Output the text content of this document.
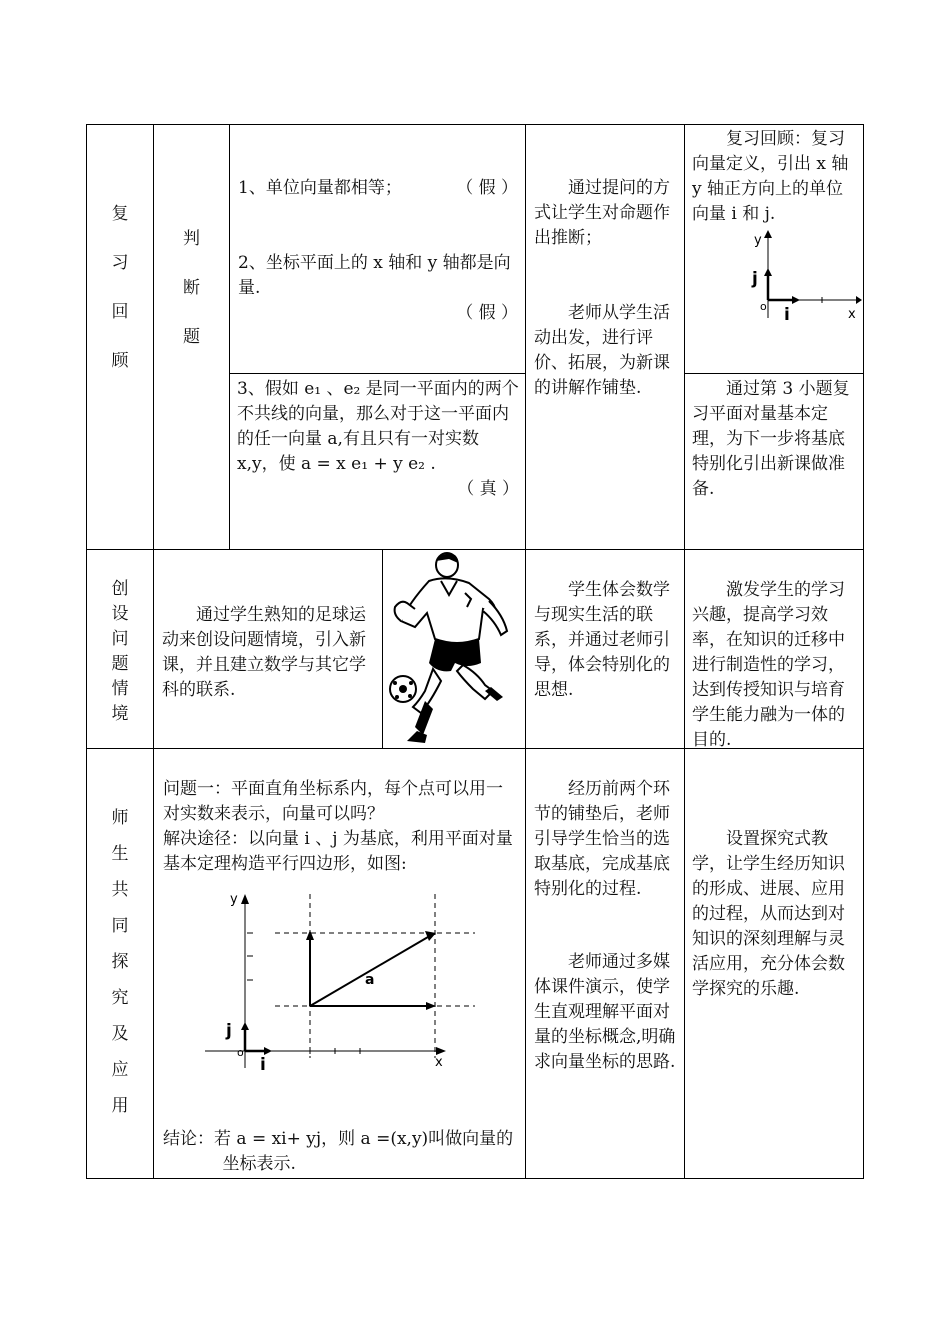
复
习
回
顾
判
断
题
1、单位向量都相等；	（ 假 ）
2、坐标平面上的 x 轴和 y 轴都是向量.
（ 假 ）

3、假如 e₁ 、e₂ 是同一平面内的两个不共线的向量，那么对于这一平面内的任一向量 a,有且只有一对实数 x,y，使 a = x e₁ + y e₂ .

（ 真 ）

通过提问的方式让学生对命题作出推断；

老师从学生活动出发，进行评价、拓展，为新课的讲解作铺垫.

复习回顾：复习向量定义，引出 x 轴 y 轴正方向上的单位向量 i 和 j.

y
x
o
j
i

通过第 3 小题复习平面对量基本定理，为下一步将基底特别化引出新课做准备.

创
设
问
题
情
境

通过学生熟知的足球运动来创设问题情境，引入新课，并且建立数学与其它学科的联系.

学生体会数学与现实生活的联系，并通过老师引导，体会特别化的思想.

激发学生的学习兴趣，提高学习效率，在知识的迁移中进行制造性的学习，达到传授知识与培育学生能力融为一体的目的.

师
生
共
同
探
究
及
应
用

问题一：平面直角坐标系内，每个点可以用一对实数来表示，向量可以吗？

解决途径：以向量 i 、j 为基底，利用平面对量基本定理构造平行四边形，如图:

y
x
o
j
i
a

结论：若 a = xi+ yj，则 a =(x,y)叫做向量的坐标表示.

经历前两个环节的铺垫后，老师引导学生恰当的选取基底，完成基底特别化的过程.

老师通过多媒体课件演示，使学生直观理解平面对量的坐标概念,明确求向量坐标的思路.

设置探究式教学，让学生经历知识的形成、进展、应用的过程，从而达到对知识的深刻理解与灵活应用，充分体会数学探究的乐趣.
